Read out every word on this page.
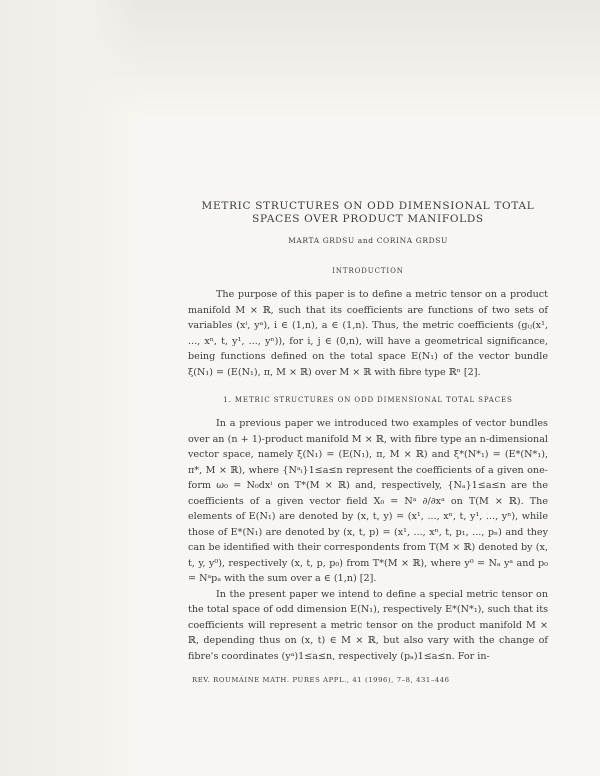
METRIC STRUCTURES ON ODD DIMENSIONAL TOTAL SPACES OVER PRODUCT MANIFOLDS
MARTA GRDSU and CORINA GRDSU
INTRODUCTION

The purpose of this paper is to define a metric tensor on a product manifold M × ℝ, such that its coefficients are functions of two sets of variables (xⁱ, yᵃ), i ∈ (1,n), a ∈ (1,n). Thus, the metric coefficients (gᵢⱼ(x¹, ..., xⁿ, t, y¹, ..., yⁿ)), for i, j ∈ (0,n), will have a geometrical significance, being functions defined on the total space E(N₁) of the vector bundle ξ(N₁) = (E(N₁), π, M × ℝ) over M × ℝ with fibre type ℝⁿ [2].

1. METRIC STRUCTURES ON ODD DIMENSIONAL TOTAL SPACES

In a previous paper we introduced two examples of vector bundles over an (n + 1)-product manifold M × ℝ, with fibre type an n-dimensional vector space, namely ξ(N₁) = (E(N₁), π, M × ℝ) and ξ*(N*₁) = (E*(N*₁), π*, M × ℝ), where {Nᵃᵢ}1≤a≤n represent the coefficients of a given one-form ω₀ = N₀dxⁱ on T*(M × ℝ) and, respectively, {Nₐ}1≤a≤n are the coefficients of a given vector field X₀ = Nᵃ ∂/∂xᵃ on T(M × ℝ). The elements of E(N₁) are denoted by (x, t, y) = (x¹, ..., xⁿ, t, y¹, ..., yⁿ), while those of E*(N₁) are denoted by (x, t, p) = (x¹, ..., xⁿ, t, p₁, ..., pₙ) and they can be identified with their correspondents from T(M × ℝ) denoted by (x, t, y, y⁰), respectively (x, t, p, p₀) from T*(M × ℝ), where y⁰ = Nₐ yᵃ and p₀ = Nᵃpₐ with the sum over a ∈ (1,n) [2].

In the present paper we intend to define a special metric tensor on the total space of odd dimension E(N₁), respectively E*(N*₁), such that its coefficients will represent a metric tensor on the product manifold M × ℝ, depending thus on (x, t) ∈ M × ℝ, but also vary with the change of fibre's coordinates (yᵃ)1≤a≤n, respectively (pₐ)1≤a≤n. For in-

REV. ROUMAINE MATH. PURES APPL., 41 (1996), 7–8, 431–446
